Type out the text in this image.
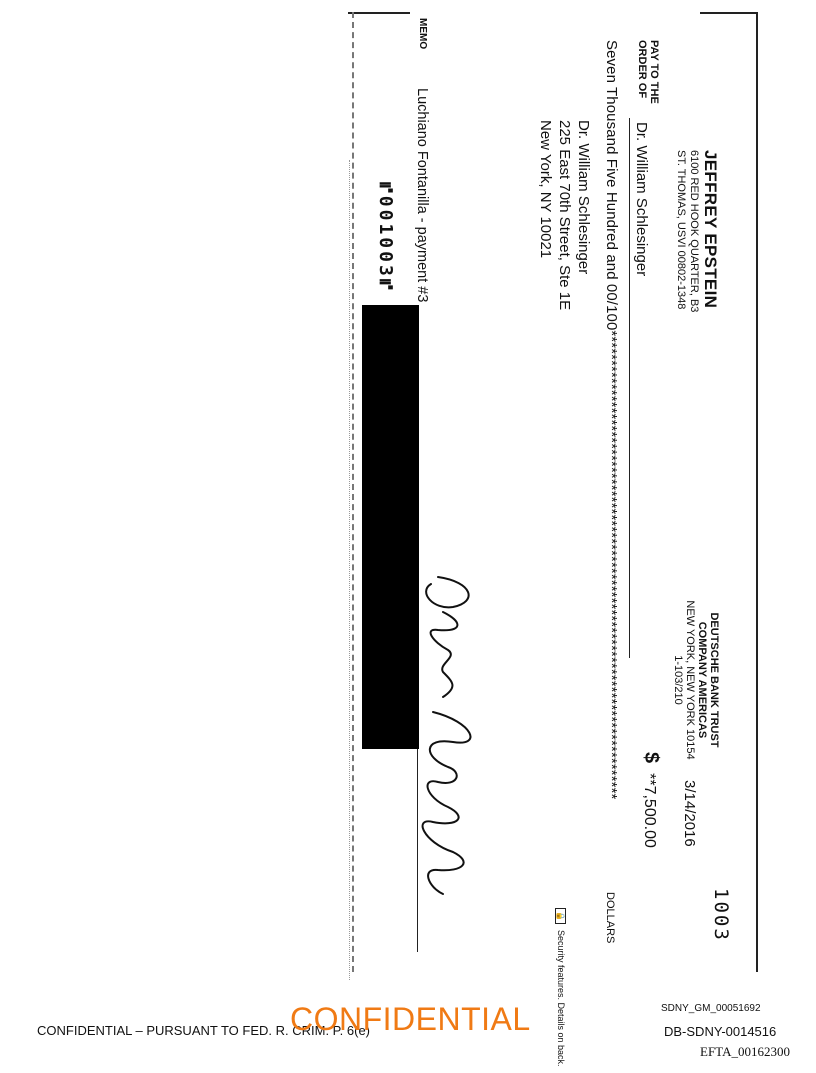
JEFFREY EPSTEIN
6100 RED HOOK QUARTER, B3
ST. THOMAS, USVI 00802-1348
DEUTSCHE BANK TRUST
COMPANY AMERICAS
NEW YORK, NEW YORK 10154
1-103/210
1003
PAY TO THE
ORDER OF
Dr. William Schlesinger
3/14/2016
$**7,500.00
Seven Thousand Five Hundred and 00/100*******************************************************************************
DOLLARS
🔒Security features. Details on back.
Dr. William Schlesinger
225 East 70th Street, Ste 1E
New York, NY 10021
MEMO
Luchiano Fontanilla - payment #3
⑈001003⑈
CONFIDENTIAL – PURSUANT TO FED. R. CRIM. P. 6(e)
CONFIDENTIAL	SDNY_GM_00051692
DB-SDNY-0014516
EFTA_00162300
